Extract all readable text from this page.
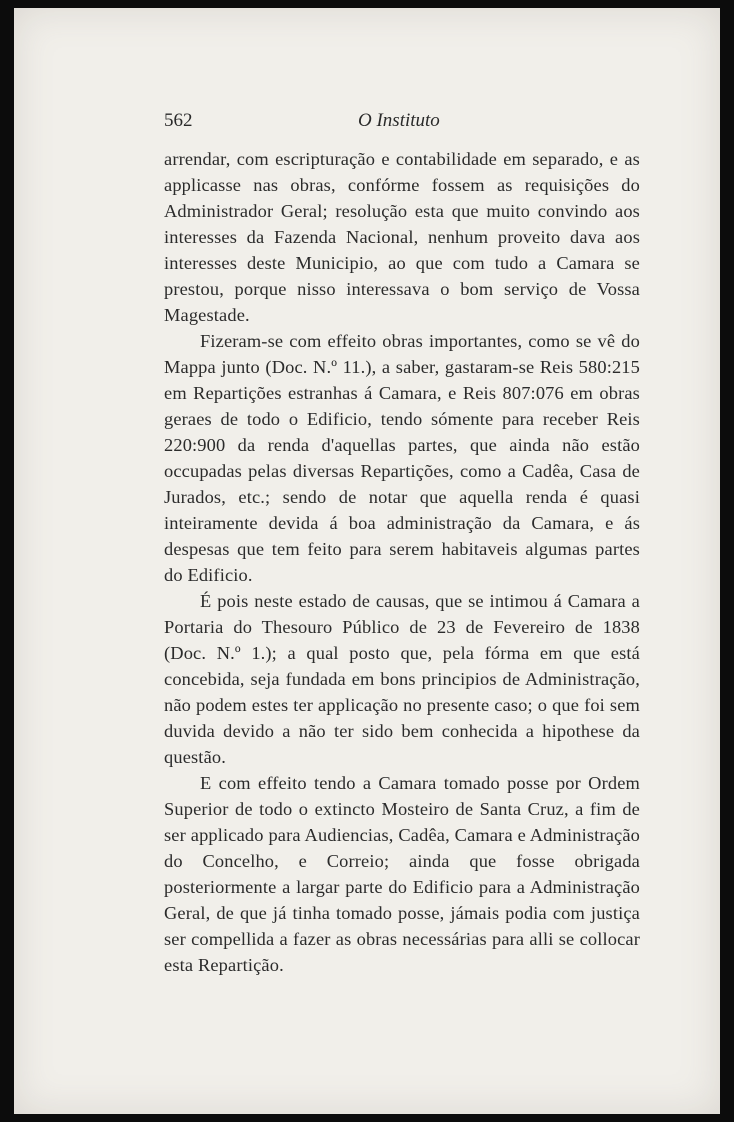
562	O Instituto

arrendar, com escripturação e contabilidade em separado, e as applicasse nas obras, confórme fossem as requisições do Administrador Geral; resolução esta que muito convindo aos interesses da Fazenda Nacional, nenhum proveito dava aos interesses deste Municipio, ao que com tudo a Camara se prestou, porque nisso interessava o bom serviço de Vossa Magestade.

Fizeram-se com effeito obras importantes, como se vê do Mappa junto (Doc. N.º 11.), a saber, gastaram-se Reis 580:215 em Repartições estranhas á Camara, e Reis 807:076 em obras geraes de todo o Edificio, tendo sómente para receber Reis 220:900 da renda d'aquellas partes, que ainda não estão occupadas pelas diversas Repartições, como a Cadêa, Casa de Jurados, etc.; sendo de notar que aquella renda é quasi inteiramente devida á boa administração da Camara, e ás despesas que tem feito para serem habitaveis algumas partes do Edificio.

É pois neste estado de causas, que se intimou á Camara a Portaria do Thesouro Público de 23 de Fevereiro de 1838 (Doc. N.º 1.); a qual posto que, pela fórma em que está concebida, seja fundada em bons principios de Administração, não podem estes ter applicação no presente caso; o que foi sem duvida devido a não ter sido bem conhecida a hipothese da questão.

E com effeito tendo a Camara tomado posse por Ordem Superior de todo o extincto Mosteiro de Santa Cruz, a fim de ser applicado para Audiencias, Cadêa, Camara e Administração do Concelho, e Correio; ainda que fosse obrigada posteriormente a largar parte do Edificio para a Administração Geral, de que já tinha tomado posse, jámais podia com justiça ser compellida a fazer as obras necessárias para alli se collocar esta Repartição.
